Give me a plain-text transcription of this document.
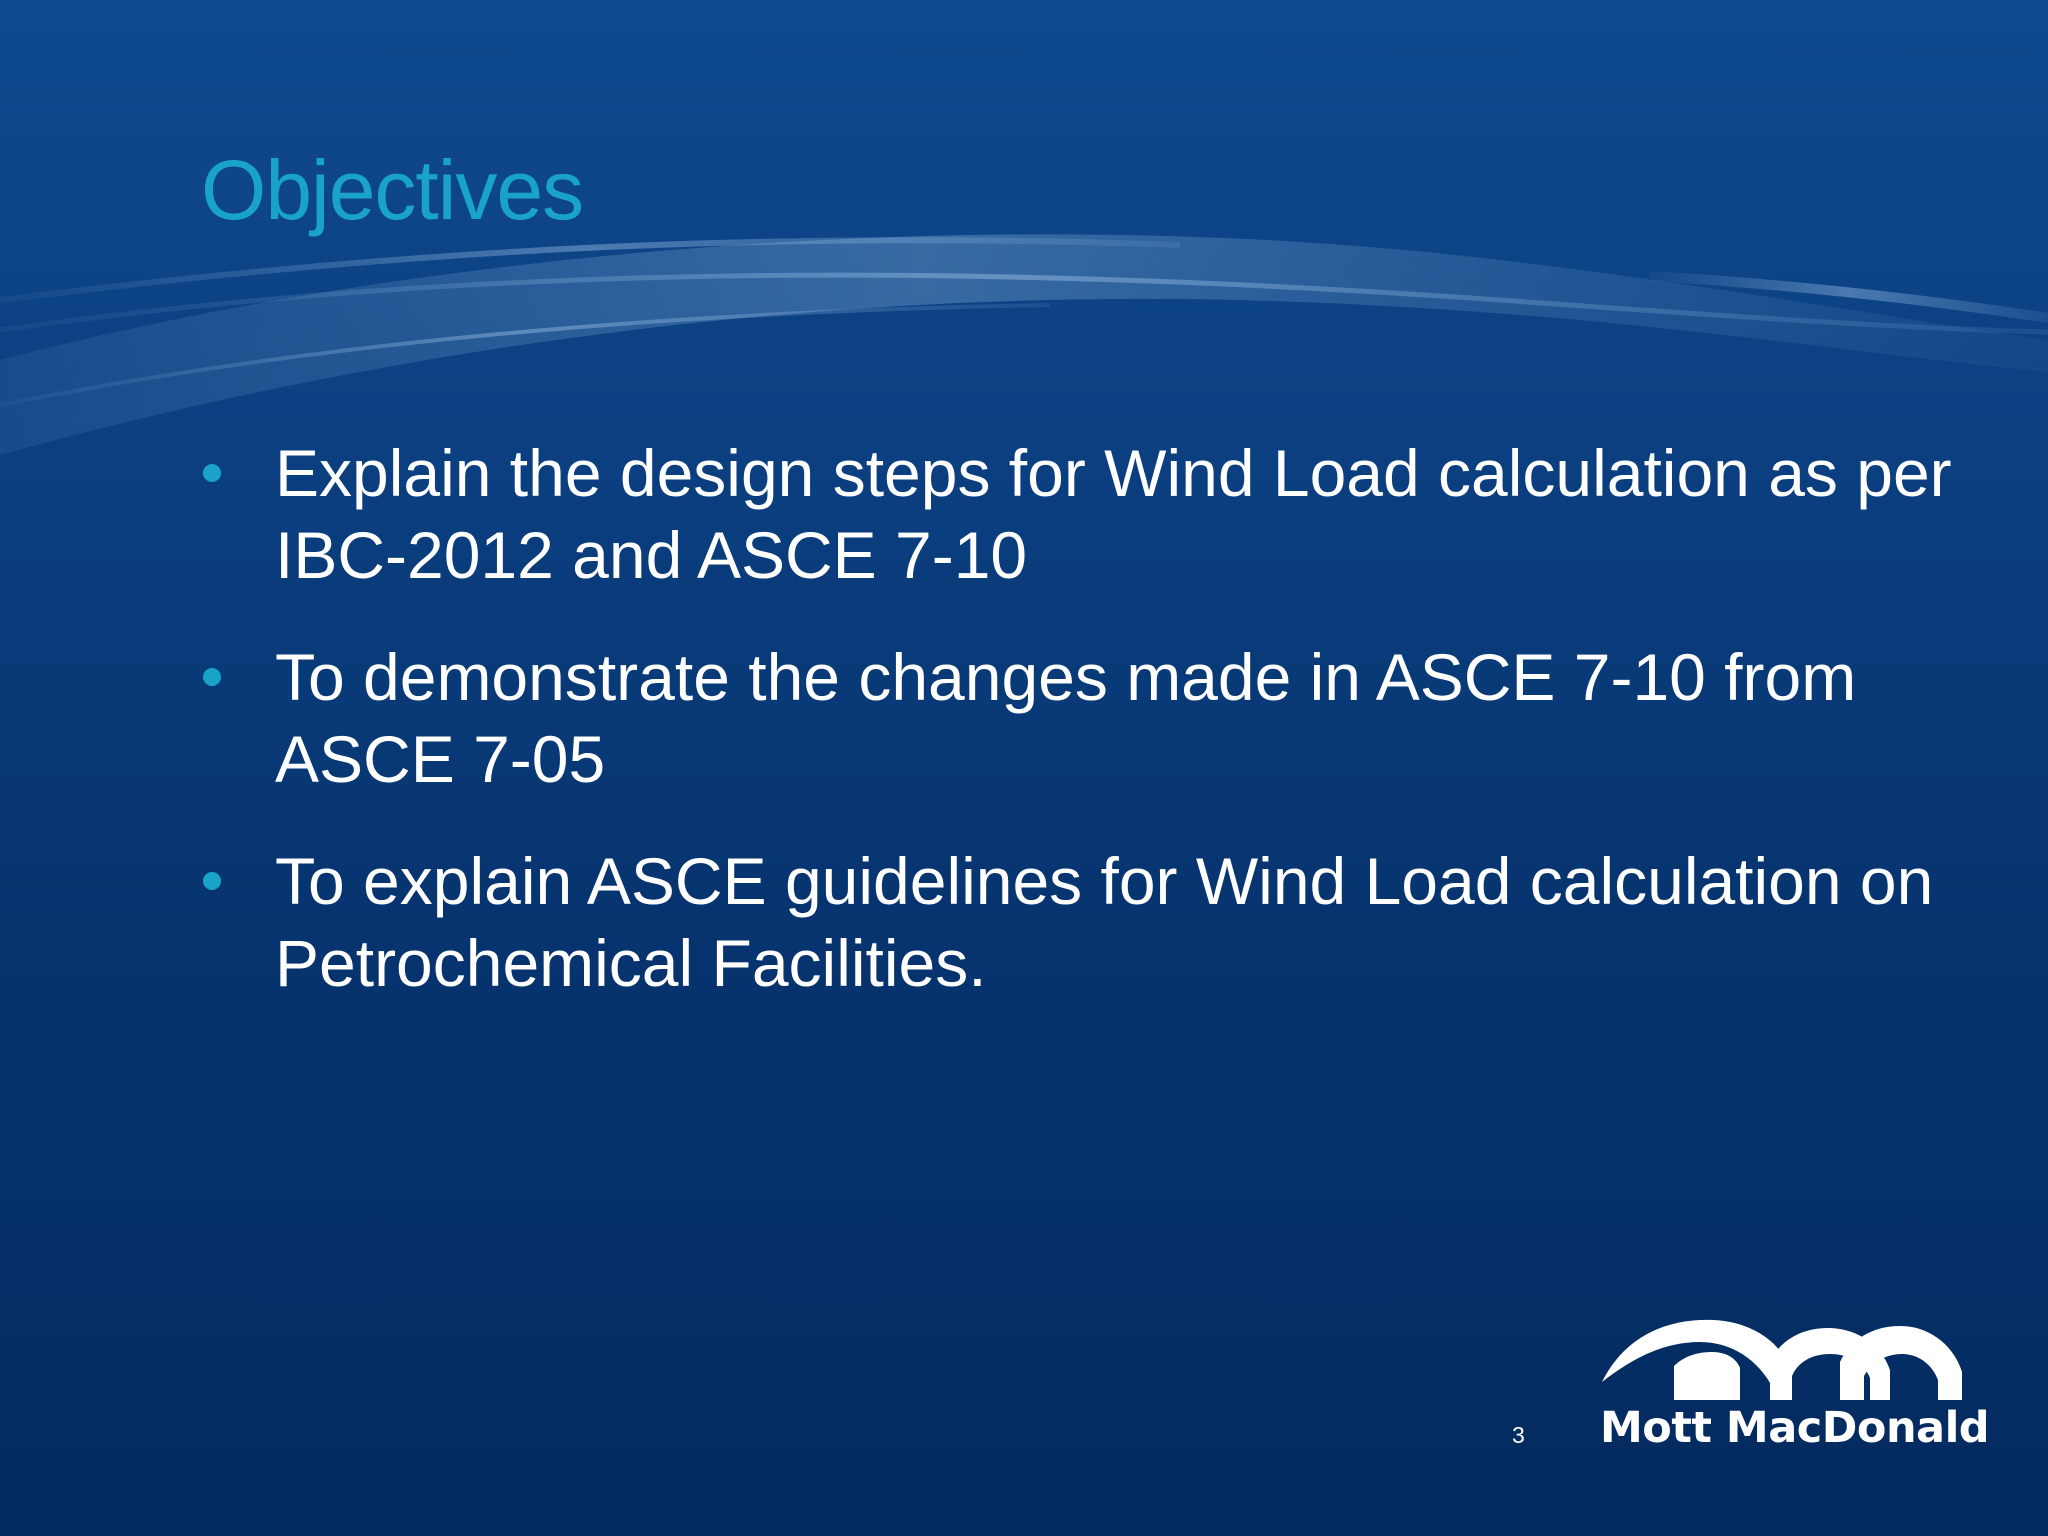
Objectives
Explain the design steps for Wind Load calculation as per IBC-2012 and ASCE 7-10
To demonstrate the changes made in ASCE 7-10 from ASCE 7-05
To explain ASCE guidelines for Wind Load calculation on Petrochemical Facilities.
3 Mott MacDonald
